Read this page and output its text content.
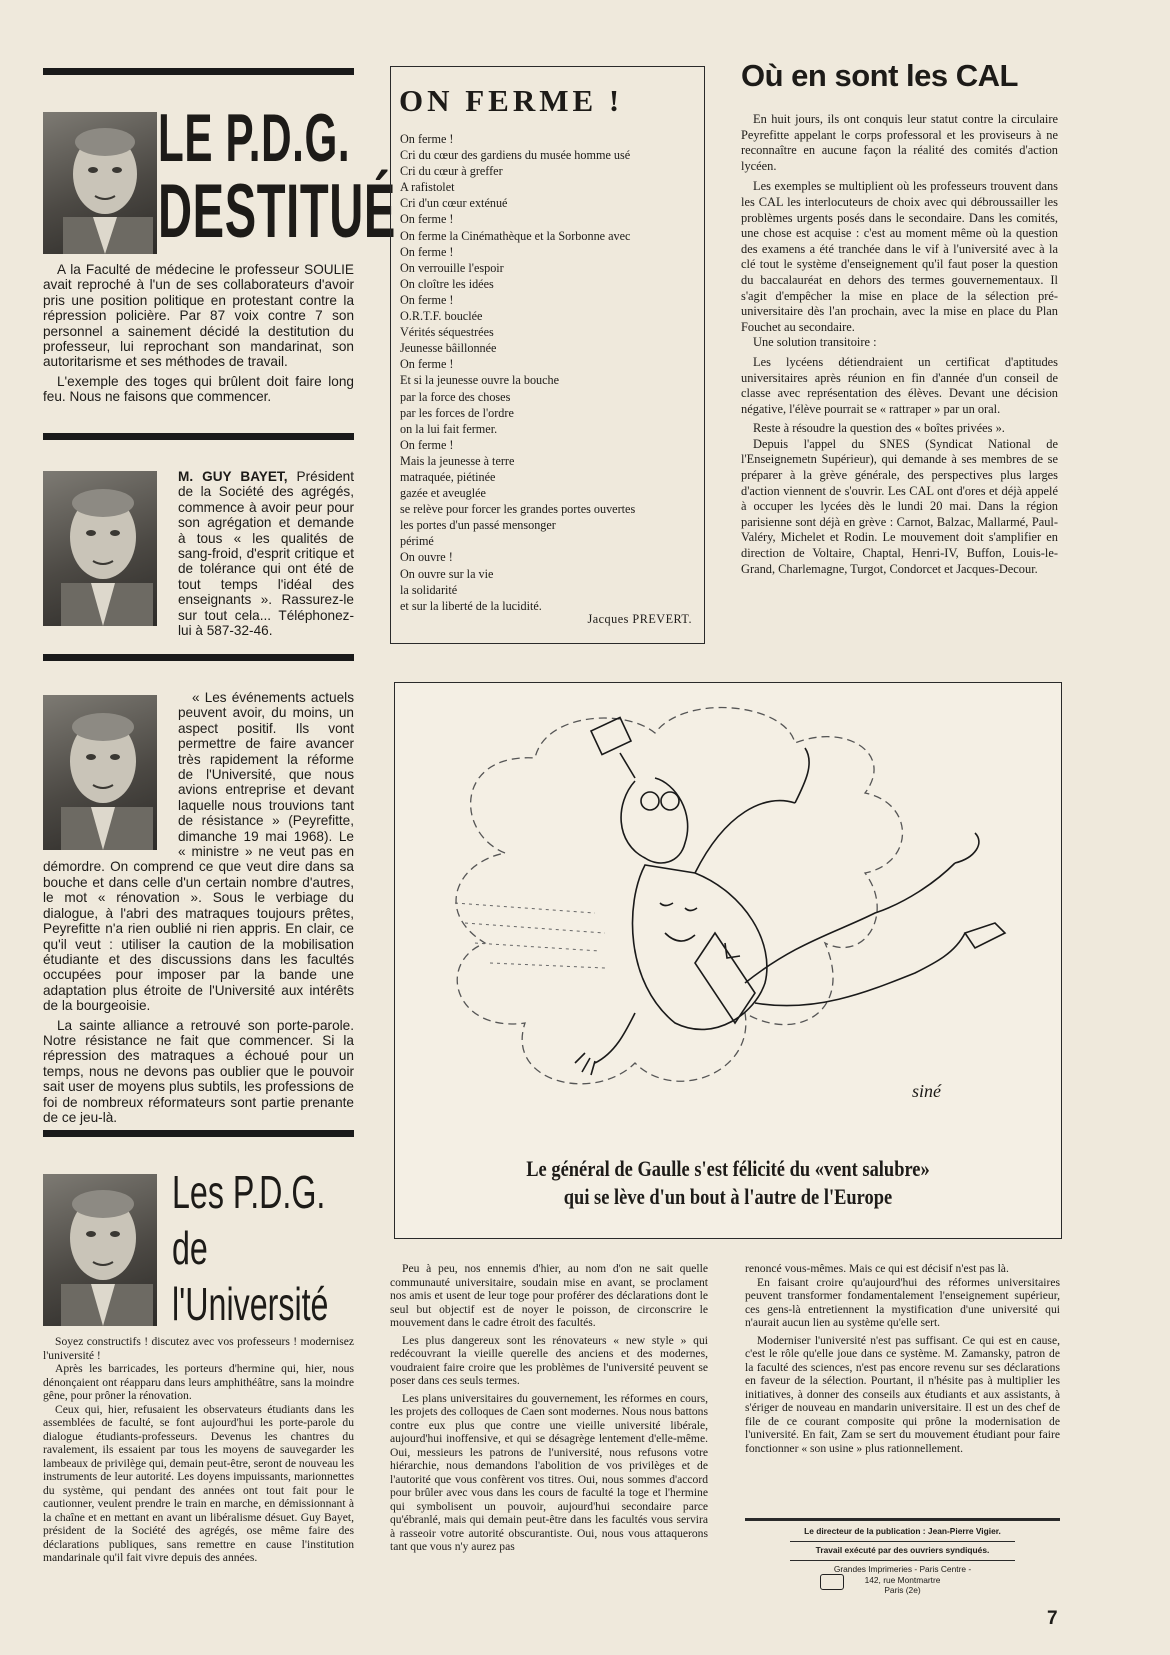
LE P.D.G.
DESTITUÉ

A la Faculté de médecine le professeur SOULIE avait reproché à l'un de ses collaborateurs d'avoir pris une position politique en protestant contre la répression policière. Par 87 voix contre 7 son personnel a sainement décidé la destitution du professeur, lui reprochant son mandarinat, son autoritarisme et ses méthodes de travail.

L'exemple des toges qui brûlent doit faire long feu. Nous ne faisons que commencer.

M. GUY BAYET, Président de la Société des agrégés, commence à avoir peur pour son agrégation et demande à tous « les qualités de sang-froid, d'esprit critique et de tolérance qui ont été de tout temps l'idéal des enseignants ». Rassurez-le sur tout cela... Téléphonez-lui à 587-32-46.

« Les événements actuels peuvent avoir, du moins, un aspect positif. Ils vont permettre de faire avancer très rapidement la réforme de l'Université, que nous avions entreprise et devant laquelle nous trouvions tant de résistance » (Peyrefitte, dimanche 19 mai 1968). Le « ministre » ne veut pas en démordre. On comprend ce que veut dire dans sa bouche et dans celle d'un certain nombre d'autres, le mot « rénovation ». Sous le verbiage du dialogue, à l'abri des matraques toujours prêtes, Peyrefitte n'a rien oublié ni rien appris. En clair, ce qu'il veut : utiliser la caution de la mobilisation étudiante et des discussions dans les facultés occupées pour imposer par la bande une adaptation plus étroite de l'Université aux intérêts de la bourgeoisie.

La sainte alliance a retrouvé son porte-parole. Notre résistance ne fait que commencer. Si la répression des matraques a échoué pour un temps, nous ne devons pas oublier que le pouvoir sait user de moyens plus subtils, les professions de foi de nombreux réformateurs sont partie prenante de ce jeu-là.

Les P.D.G.
de
l'Université

Soyez constructifs ! discutez avec vos professeurs ! modernisez l'université !

Après les barricades, les porteurs d'hermine qui, hier, nous dénonçaient ont réapparu dans leurs amphithéâtre, sans la moindre gêne, pour prôner la rénovation.

Ceux qui, hier, refusaient les observateurs étudiants dans les assemblées de faculté, se font aujourd'hui les porte-parole du dialogue étudiants-professeurs. Devenus les chantres du ravalement, ils essaient par tous les moyens de sauvegarder les lambeaux de privilège qui, demain peut-être, seront de nouveau les instruments de leur autorité. Les doyens impuissants, marionnettes du système, qui pendant des années ont tout fait pour le cautionner, veulent prendre le train en marche, en démissionnant à la chaîne et en mettant en avant un libéralisme désuet. Guy Bayet, président de la Société des agrégés, ose même faire des déclarations publiques, sans remettre en cause l'institution mandarinale qu'il fait vivre depuis des années.

ON FERME !
On ferme !
Cri du cœur des gardiens du musée homme usé
Cri du cœur à greffer
A rafistolet
Cri d'un cœur exténué
On ferme !
On ferme la Cinémathèque et la Sorbonne avec
On ferme !
On verrouille l'espoir
On cloître les idées
On ferme !
O.R.T.F. bouclée
Vérités séquestrées
Jeunesse bâillonnée
On ferme !
Et si la jeunesse ouvre la bouche
par la force des choses
par les forces de l'ordre
on la lui fait fermer.
On ferme !
Mais la jeunesse à terre
matraquée, piétinée
gazée et aveuglée
se relève pour forcer les grandes portes ouvertes
les portes d'un passé mensonger
périmé
On ouvre !
On ouvre sur la vie
la solidarité
et sur la liberté de la lucidité.
Jacques PREVERT.
Où en sont les CAL

En huit jours, ils ont conquis leur statut contre la circulaire Peyrefitte appelant le corps professoral et les proviseurs à ne reconnaître en aucune façon la réalité des comités d'action lycéen.

Les exemples se multiplient où les professeurs trouvent dans les CAL les interlocuteurs de choix avec qui débroussailler les problèmes urgents posés dans le secondaire. Dans les comités, une chose est acquise : c'est au moment même où la question des examens a été tranchée dans le vif à l'université avec à la clé tout le système d'enseignement qu'il faut poser la question du baccalauréat en dehors des termes gouvernementaux. Il s'agit d'empêcher la mise en place de la sélection pré-universitaire dès l'an prochain, avec la mise en place du Plan Fouchet au secondaire.

Une solution transitoire :

Les lycéens détiendraient un certificat d'aptitudes universitaires après réunion en fin d'année d'un conseil de classe avec représentation des élèves. Devant une décision négative, l'élève pourrait se « rattraper » par un oral.

Reste à résoudre la question des « boîtes privées ».

Depuis l'appel du SNES (Syndicat National de l'Enseignemetn Supérieur), qui demande à ses membres de se préparer à la grève générale, des perspectives plus larges d'action viennent de s'ouvrir. Les CAL ont d'ores et déjà appelé à occuper les lycées dès le lundi 20 mai. Dans la région parisienne sont déjà en grève : Carnot, Balzac, Mallarmé, Paul-Valéry, Michelet et Rodin. Le mouvement doit s'amplifier en direction de Voltaire, Chaptal, Henri-IV, Buffon, Louis-le-Grand, Charlemagne, Turgot, Condorcet et Jacques-Decour.

siné
Le général de Gaulle s'est félicité du «vent salubre»
qui se lève d'un bout à l'autre de l'Europe

Peu à peu, nos ennemis d'hier, au nom d'on ne sait quelle communauté universitaire, soudain mise en avant, se proclament nos amis et usent de leur toge pour proférer des déclarations dont le seul but objectif est de noyer le poisson, de circonscrire le mouvement dans le cadre étroit des facultés.

Les plus dangereux sont les rénovateurs « new style » qui redécouvrant la vieille querelle des anciens et des modernes, voudraient faire croire que les problèmes de l'université peuvent se poser dans ces seuls termes.

Les plans universitaires du gouvernement, les réformes en cours, les projets des colloques de Caen sont modernes. Nous nous battons contre eux plus que contre une vieille université libérale, aujourd'hui inoffensive, et qui se désagrège lentement d'elle-même. Oui, messieurs les patrons de l'université, nous refusons votre hiérarchie, nous demandons l'abolition de vos privilèges et de l'autorité que vous confèrent vos titres. Oui, nous sommes d'accord pour brûler avec vous dans les cours de faculté la toge et l'hermine qui symbolisent un pouvoir, aujourd'hui secondaire parce qu'ébranlé, mais qui demain peut-être dans les facultés vous servira à rasseoir votre autorité obscurantiste. Oui, nous vous attaquerons tant que vous n'y aurez pas

renoncé vous-mêmes. Mais ce qui est décisif n'est pas là.

En faisant croire qu'aujourd'hui des réformes universitaires peuvent transformer fondamentalement l'enseignement supérieur, ces gens-là entretiennent la mystification d'une université qui n'aurait aucun lien au système qu'elle sert.

Moderniser l'université n'est pas suffisant. Ce qui est en cause, c'est le rôle qu'elle joue dans ce système. M. Zamansky, patron de la faculté des sciences, n'est pas encore revenu sur ses déclarations en faveur de la sélection. Pourtant, il n'hésite pas à multiplier les initiatives, à donner des conseils aux étudiants et aux assistants, à s'ériger de nouveau en mandarin universitaire. Il est un des chef de file de ce courant composite qui prône la modernisation de l'université. En fait, Zam se sert du mouvement étudiant pour faire fonctionner « son usine » plus rationnellement.

Le directeur de la publication : Jean-Pierre Vigier.
Travail exécuté par des ouvriers syndiqués.
Grandes Imprimeries - Paris Centre -
142, rue Montmartre
Paris (2e)
7
